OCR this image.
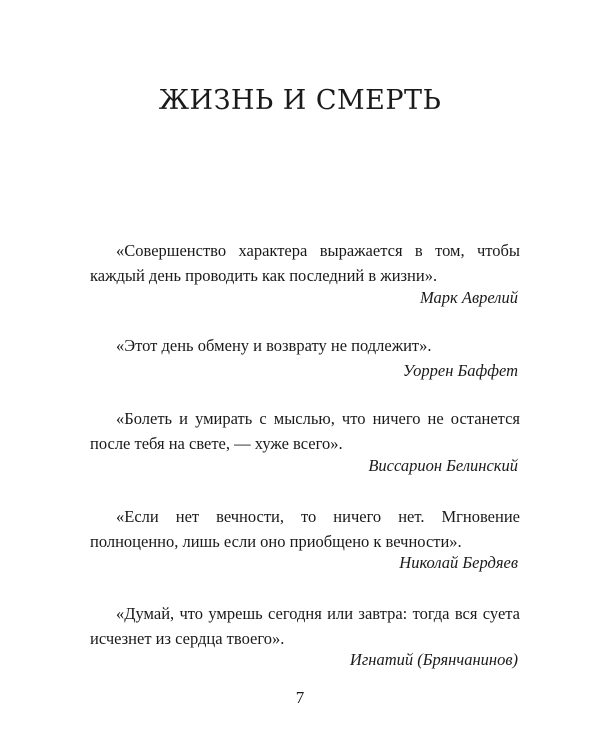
ЖИЗНЬ И СМЕРТЬ

«Совершенство характера выражается в том, чтобы каждый день проводить как последний в жизни».

Марк Аврелий

«Этот день обмену и возврату не подлежит».

Уоррен Баффет

«Болеть и умирать с мыслью, что ничего не останется после тебя на свете, — хуже всего».

Виссарион Белинский

«Если нет вечности, то ничего нет. Мгновение полноценно, лишь если оно приобщено к вечности».

Николай Бердяев

«Думай, что умрешь сегодня или завтра: тогда вся суета исчезнет из сердца твоего».

Игнатий (Брянчанинов)

7
